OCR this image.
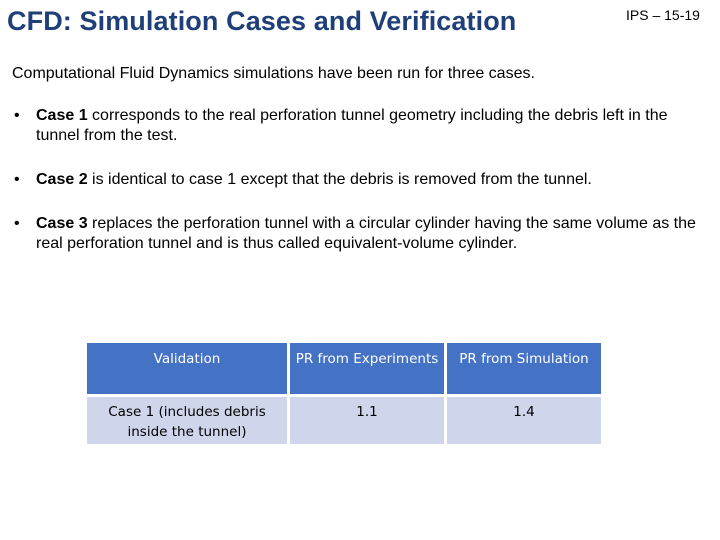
CFD: Simulation Cases and Verification	IPS – 15-19
Computational Fluid Dynamics simulations have been run for three cases.
•	Case 1 corresponds to the real perforation tunnel geometry including the debris left in the tunnel from the test.
•	Case 2 is identical to case 1 except that the debris is removed from the tunnel.
•	Case 3 replaces the perforation tunnel with a circular cylinder having the same volume as the real perforation tunnel and is thus called equivalent-volume cylinder.
Validation	PR from Experiments	PR from Simulation
Case 1 (includes debris inside the tunnel)	1.1	1.4
